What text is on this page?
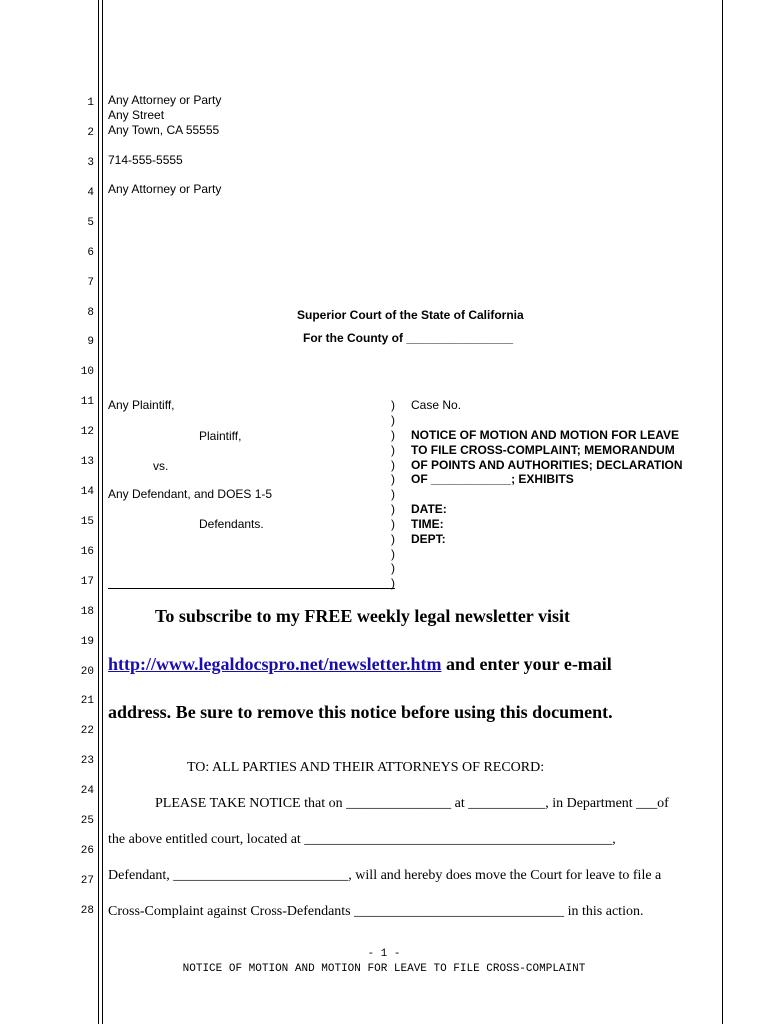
1
2
3
4
5
6
7
8
9
10
11
12
13
14
15
16
17
18
19
20
21
22
23
24
25
26
27
28
Any Attorney or Party
Any Street
Any Town, CA 55555
714-555-5555
Any Attorney or Party
Superior Court of the State of California
For the County of ________________
Any Plaintiff,
Plaintiff,
vs.
Any Defendant, and DOES 1-5
Defendants.
)
)
)
)
)
)
)
)
)
)
)
)
)
Case No.
NOTICE OF MOTION AND MOTION FOR LEAVE
TO FILE CROSS-COMPLAINT; MEMORANDUM
OF POINTS AND AUTHORITIES; DECLARATION
OF ____________; EXHIBITS
DATE:
TIME:
DEPT:
To subscribe to my FREE weekly legal newsletter visit
http://www.legaldocspro.net/newsletter.htm and enter your e-mail
address. Be sure to remove this notice before using this document.
TO: ALL PARTIES AND THEIR ATTORNEYS OF RECORD:
PLEASE TAKE NOTICE that on _______________ at ___________, in Department ___of
the above entitled court, located at ____________________________________________,
Defendant, _________________________, will and hereby does move the Court for leave to file a
Cross-Complaint against Cross-Defendants ______________________________ in this action.
- 1 -
NOTICE OF MOTION AND MOTION FOR LEAVE TO FILE CROSS-COMPLAINT
